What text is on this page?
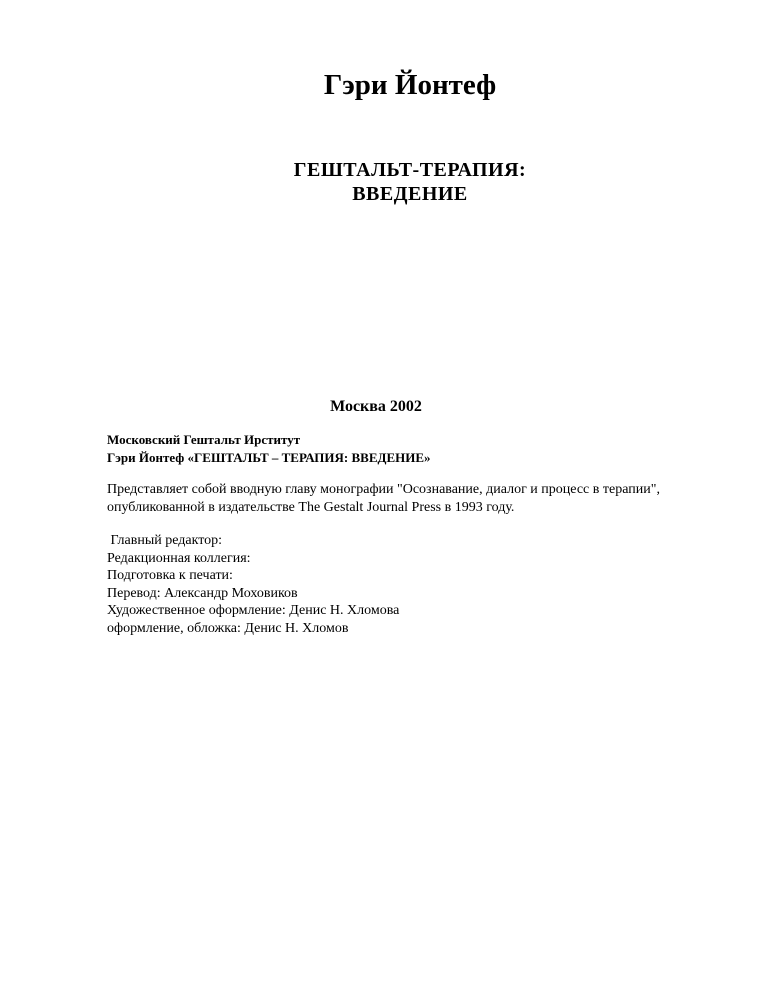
Гэри Йонтеф
ГЕШТАЛЬТ-ТЕРАПИЯ:
ВВЕДЕНИЕ
Москва 2002
Московский Гештальт Ирститут
Гэри Йонтеф «ГЕШТАЛЬТ – ТЕРАПИЯ: ВВЕДЕНИЕ»
Представляет собой вводную главу монографии "Осознавание, диалог и процесс в терапии", опубликованной в издательстве The Gestalt Journal Press в 1993 году.
Главный редактор:
Редакционная коллегия:
Подготовка к печати:
Перевод: Александр Моховиков
Художественное оформление: Денис Н. Хломова
оформление, обложка: Денис Н. Хломов
